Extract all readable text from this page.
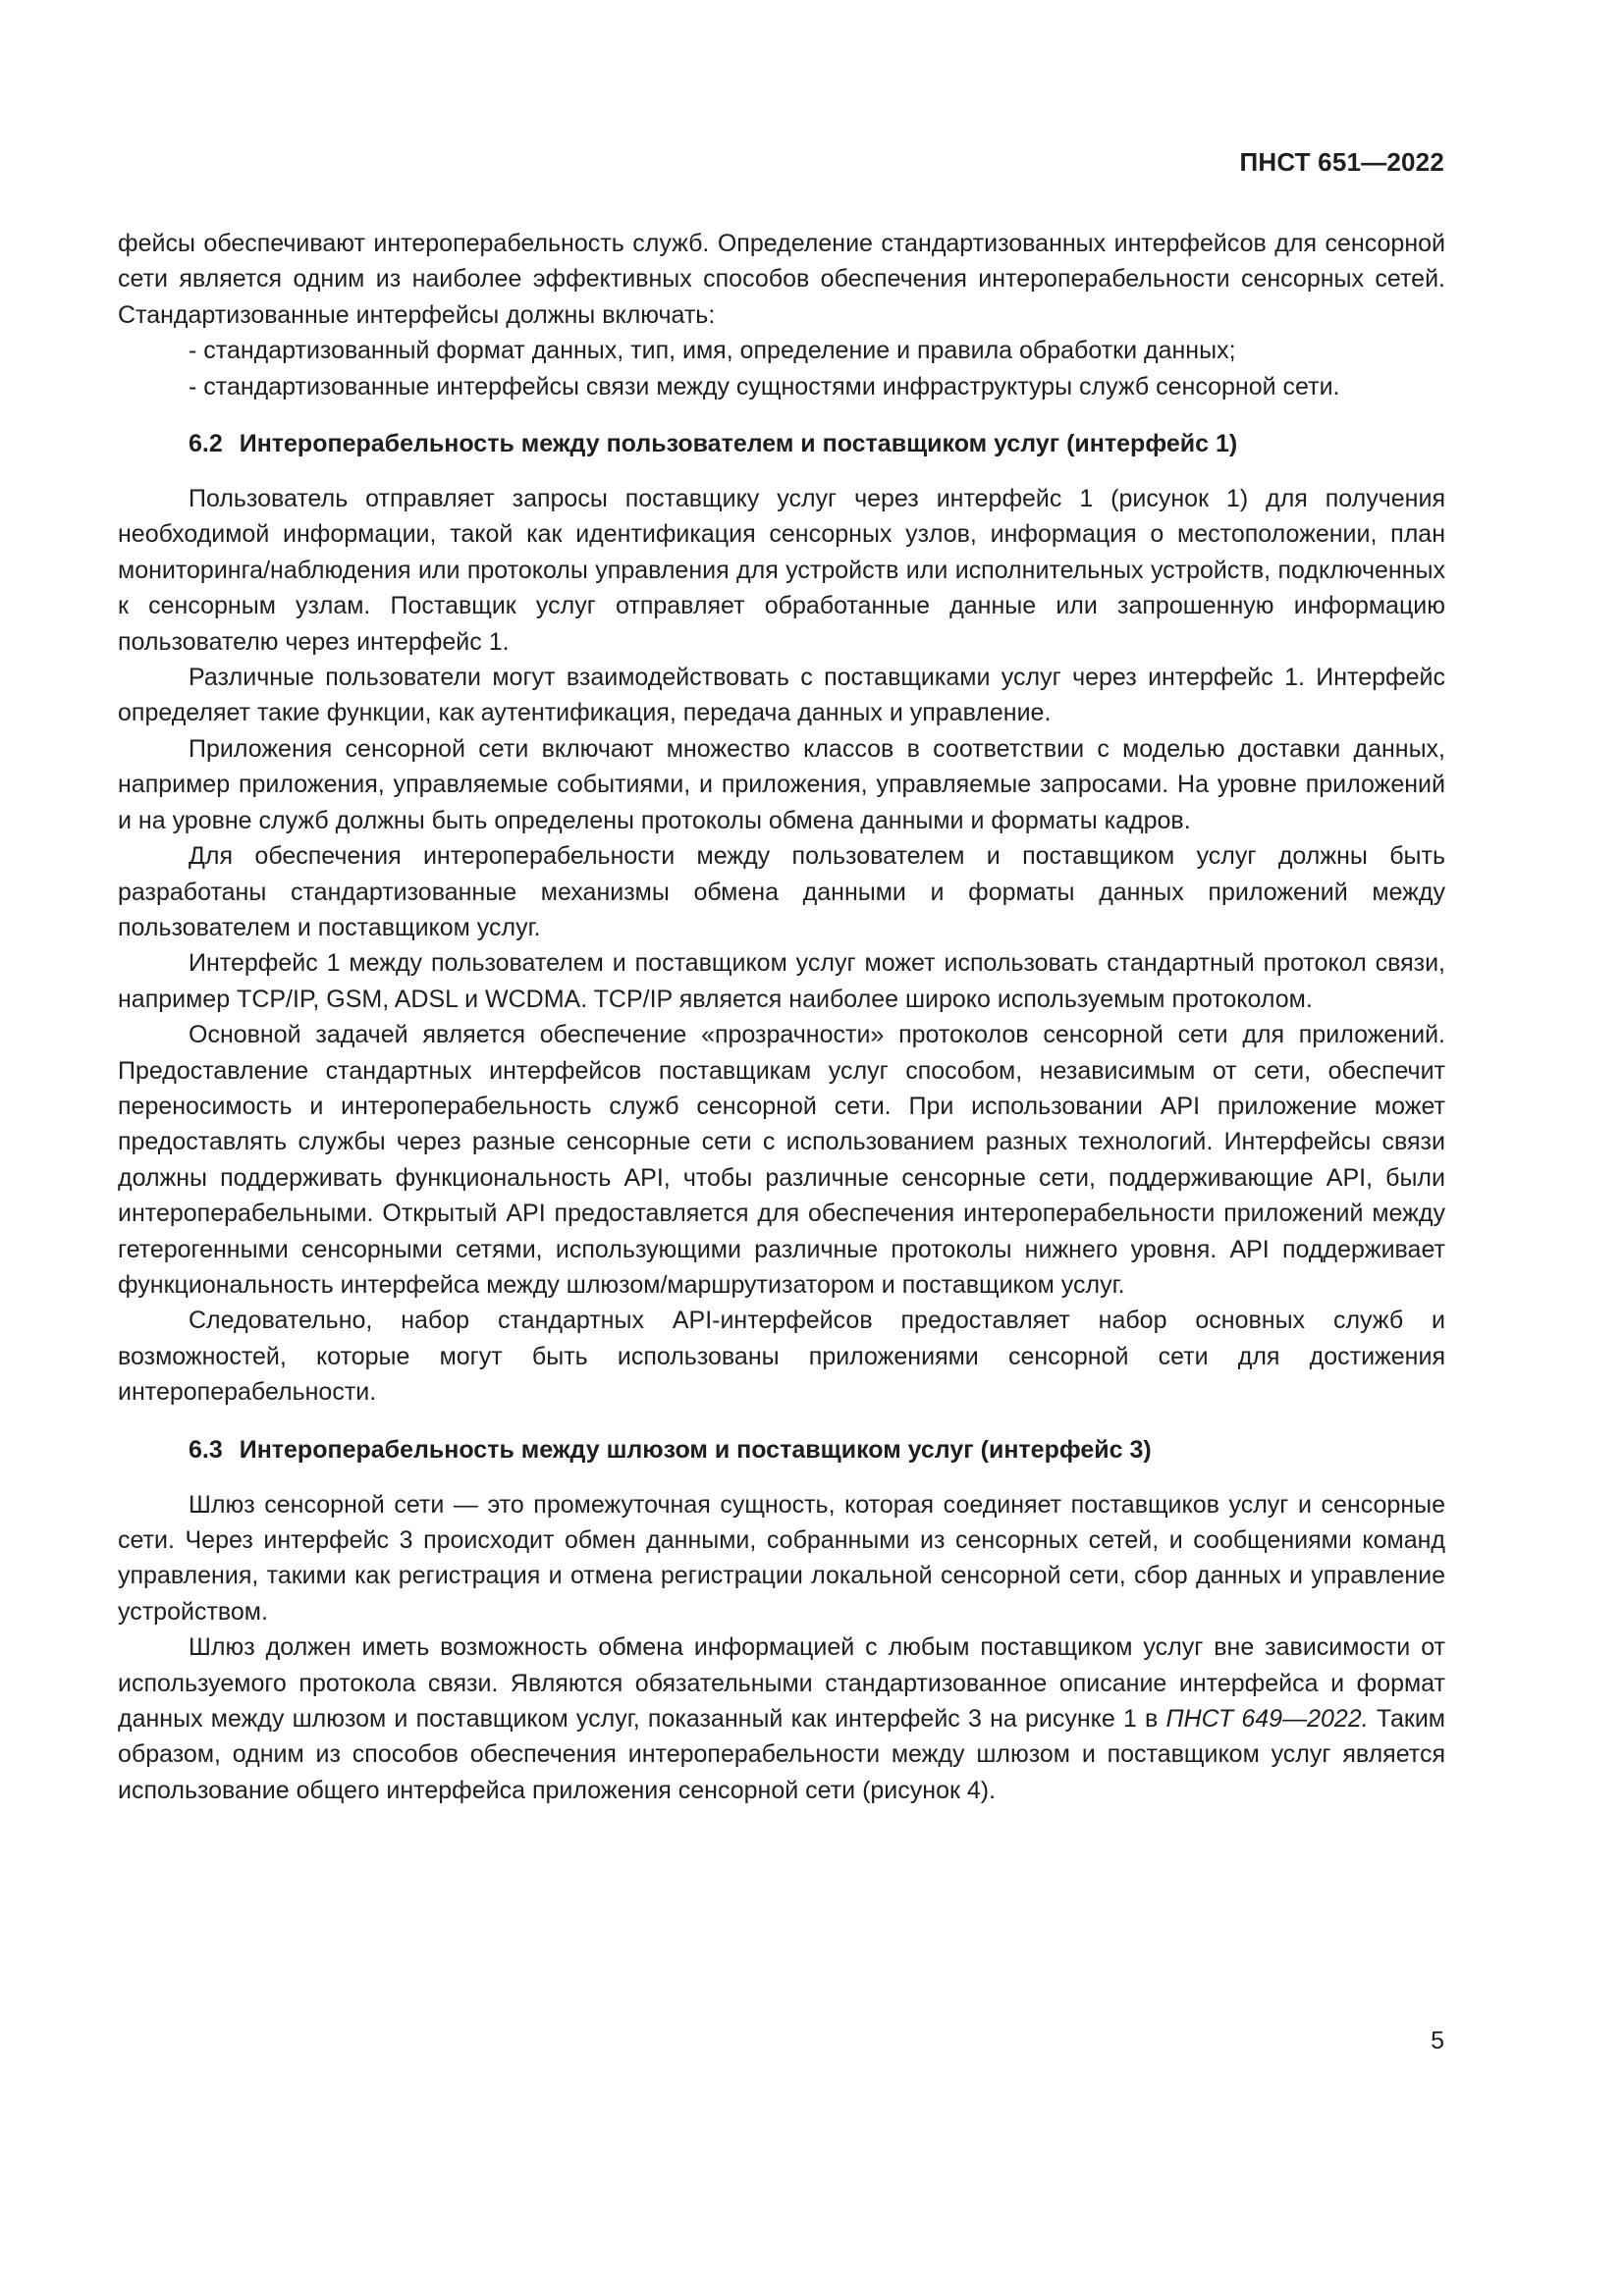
ПНСТ 651—2022

фейсы обеспечивают интероперабельность служб. Определение стандартизованных интерфейсов для сенсорной сети является одним из наиболее эффективных способов обеспечения интероперабельности сенсорных сетей. Стандартизованные интерфейсы должны включать:

- стандартизованный формат данных, тип, имя, определение и правила обработки данных;

- стандартизованные интерфейсы связи между сущностями инфраструктуры служб сенсорной сети.

6.2 Интероперабельность между пользователем и поставщиком услуг (интерфейс 1)

Пользователь отправляет запросы поставщику услуг через интерфейс 1 (рисунок 1) для получения необходимой информации, такой как идентификация сенсорных узлов, информация о местоположении, план мониторинга/наблюдения или протоколы управления для устройств или исполнительных устройств, подключенных к сенсорным узлам. Поставщик услуг отправляет обработанные данные или запрошенную информацию пользователю через интерфейс 1.

Различные пользователи могут взаимодействовать с поставщиками услуг через интерфейс 1. Интерфейс определяет такие функции, как аутентификация, передача данных и управление.

Приложения сенсорной сети включают множество классов в соответствии с моделью доставки данных, например приложения, управляемые событиями, и приложения, управляемые запросами. На уровне приложений и на уровне служб должны быть определены протоколы обмена данными и форматы кадров.

Для обеспечения интероперабельности между пользователем и поставщиком услуг должны быть разработаны стандартизованные механизмы обмена данными и форматы данных приложений между пользователем и поставщиком услуг.

Интерфейс 1 между пользователем и поставщиком услуг может использовать стандартный протокол связи, например TCP/IP, GSM, ADSL и WCDMA. TCP/IP является наиболее широко используемым протоколом.

Основной задачей является обеспечение «прозрачности» протоколов сенсорной сети для приложений. Предоставление стандартных интерфейсов поставщикам услуг способом, независимым от сети, обеспечит переносимость и интероперабельность служб сенсорной сети. При использовании API приложение может предоставлять службы через разные сенсорные сети с использованием разных технологий. Интерфейсы связи должны поддерживать функциональность API, чтобы различные сенсорные сети, поддерживающие API, были интероперабельными. Открытый API предоставляется для обеспечения интероперабельности приложений между гетерогенными сенсорными сетями, использующими различные протоколы нижнего уровня. API поддерживает функциональность интерфейса между шлюзом/маршрутизатором и поставщиком услуг.

Следовательно, набор стандартных API-интерфейсов предоставляет набор основных служб и возможностей, которые могут быть использованы приложениями сенсорной сети для достижения интероперабельности.

6.3 Интероперабельность между шлюзом и поставщиком услуг (интерфейс 3)

Шлюз сенсорной сети — это промежуточная сущность, которая соединяет поставщиков услуг и сенсорные сети. Через интерфейс 3 происходит обмен данными, собранными из сенсорных сетей, и сообщениями команд управления, такими как регистрация и отмена регистрации локальной сенсорной сети, сбор данных и управление устройством.

Шлюз должен иметь возможность обмена информацией с любым поставщиком услуг вне зависимости от используемого протокола связи. Являются обязательными стандартизованное описание интерфейса и формат данных между шлюзом и поставщиком услуг, показанный как интерфейс 3 на рисунке 1 в ПНСТ 649—2022. Таким образом, одним из способов обеспечения интероперабельности между шлюзом и поставщиком услуг является использование общего интерфейса приложения сенсорной сети (рисунок 4).

5
